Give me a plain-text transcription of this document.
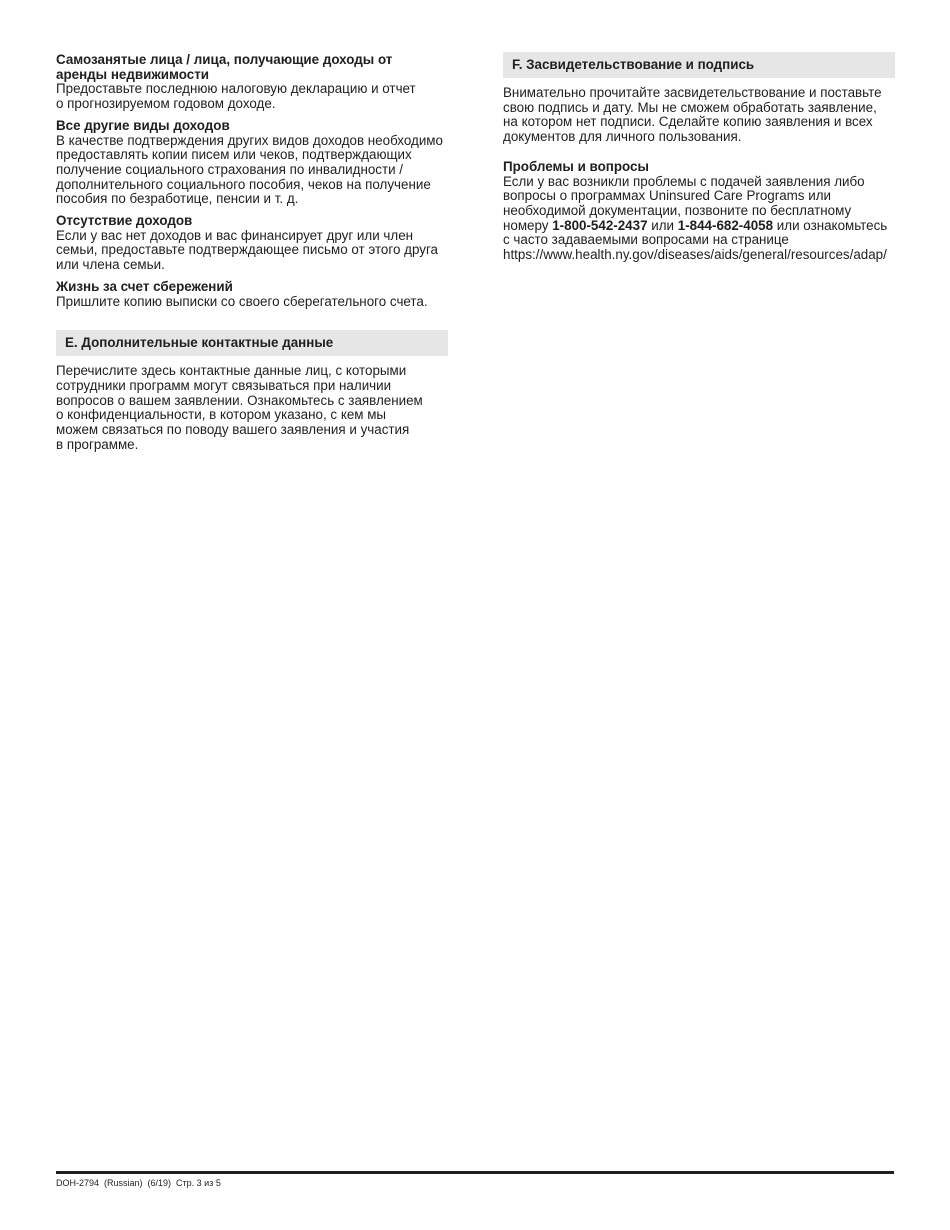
Самозанятые лица / лица, получающие доходы от
аренды недвижимости

Предоставьте последнюю налоговую декларацию и отчет
о прогнозируемом годовом доходе.

Все другие виды доходов

В качестве подтверждения других видов доходов необходимо
предоставлять копии писем или чеков, подтверждающих
получение социального страхования по инвалидности /
дополнительного социального пособия, чеков на получение
пособия по безработице, пенсии и т. д.

Отсутствие доходов

Если у вас нет доходов и вас финансирует друг или член
семьи, предоставьте подтверждающее письмо от этого друга
или члена семьи.

Жизнь за счет сбережений

Пришлите копию выписки со своего сберегательного счета.

E. Дополнительные контактные данные

Перечислите здесь контактные данные лиц, с которыми
сотрудники программ могут связываться при наличии
вопросов о вашем заявлении. Ознакомьтесь с заявлением
о конфиденциальности, в котором указано, с кем мы
можем связаться по поводу вашего заявления и участия
в программе.

F. Засвидетельствование и подпись

Внимательно прочитайте засвидетельствование и поставьте
свою подпись и дату. Мы не сможем обработать заявление,
на котором нет подписи. Сделайте копию заявления и всех
документов для личного пользования.

Проблемы и вопросы

Если у вас возникли проблемы с подачей заявления либо
вопросы о программах Uninsured Care Programs или
необходимой документации, позвоните по бесплатному
номеру 1-800-542-2437 или 1-844-682-4058 или ознакомьтесь
с часто задаваемыми вопросами на странице
https://www.health.ny.gov/diseases/aids/general/resources/adap/

DOH-2794  (Russian)  (6/19)  Стр. 3 из 5
